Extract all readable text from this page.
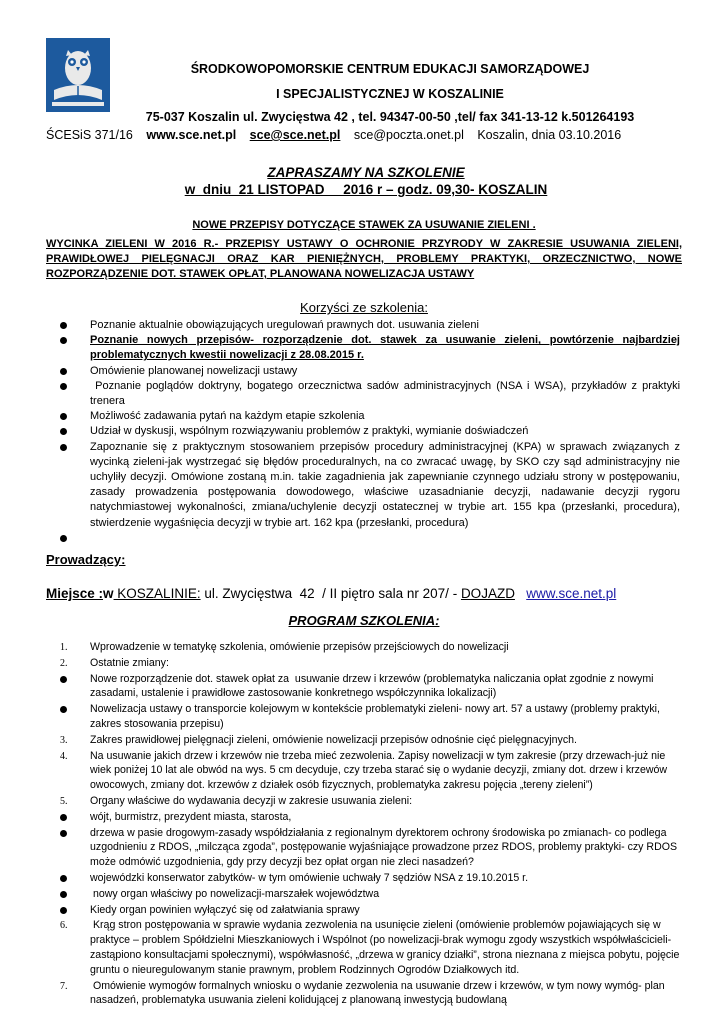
ŚRODKOWOPOMORSKIE CENTRUM EDUKACJI SAMORZĄDOWEJ
I SPECJALISTYCZNEJ W KOSZALINIE
75-037 Koszalin ul. Zwycięstwa 42 , tel. 94347-00-50 ,tel/ fax 341-13-12 k.501264193
ŚCESiS 371/16 www.sce.net.pl sce@sce.net.pl sce@poczta.onet.pl Koszalin, dnia 03.10.2016
ZAPRASZAMY NA SZKOLENIE
w  dniu  21 LISTOPAD     2016 r – godz. 09,30- KOSZALIN

NOWE PRZEPISY DOTYCZĄCE STAWEK ZA USUWANIE ZIELENI .

WYCINKA ZIELENI W 2016 R.- PRZEPISY USTAWY O OCHRONIE PRZYRODY W ZAKRESIE USUWANIA ZIELENI, PRAWIDŁOWEJ PIELĘGNACJI ORAZ KAR PIENIĘŻNYCH, PROBLEMY PRAKTYKI, ORZECZNICTWO, NOWE ROZPORZĄDZENIE DOT. STAWEK OPŁAT, PLANOWANA NOWELIZACJA USTAWY

Korzyści ze szkolenia:
Poznanie aktualnie obowiązujących uregulowań prawnych dot. usuwania zieleni
Poznanie nowych przepisów- rozporządzenie dot. stawek za usuwanie zieleni, powtórzenie najbardziej problematycznych kwestii nowelizacji z 28.08.2015 r.
Omówienie planowanej nowelizacji ustawy
Poznanie poglądów doktryny, bogatego orzecznictwa sadów administracyjnych (NSA i WSA), przykładów z praktyki trenera
Możliwość zadawania pytań na każdym etapie szkolenia
Udział w dyskusji, wspólnym rozwiązywaniu problemów z praktyki, wymianie doświadczeń
Zapoznanie się z praktycznym stosowaniem przepisów procedury administracyjnej (KPA) w sprawach związanych z wycinką zieleni-jak wystrzegać się błędów proceduralnych, na co zwracać uwagę, by SKO czy sąd administracyjny nie uchyliły decyzji. Omówione zostaną m.in. takie zagadnienia jak zapewnianie czynnego udziału strony w postępowaniu, zasady prowadzenia postępowania dowodowego, właściwe uzasadnianie decyzji, nadawanie decyzji rygoru natychmiastowej wykonalności, zmiana/uchylenie decyzji ostatecznej w trybie art. 155 kpa (przesłanki, procedura), stwierdzenie wygaśnięcia decyzji w trybie art. 162 kpa (przesłanki, procedura)
Prowadzący:
Miejsce :w KOSZALINIE: ul. Zwycięstwa  42  / II piętro sala nr 207/ - DOJAZD www.sce.net.pl
PROGRAM SZKOLENIA:
1.	Wprowadzenie w tematykę szkolenia, omówienie przepisów przejściowych do nowelizacji
2.	Ostatnie zmiany:
Nowe rozporządzenie dot. stawek opłat za  usuwanie drzew i krzewów (problematyka naliczania opłat zgodnie z nowymi zasadami, ustalenie i prawidłowe zastosowanie konkretnego współczynnika lokalizacji)
Nowelizacja ustawy o transporcie kolejowym w kontekście problematyki zieleni- nowy art. 57 a ustawy (problemy praktyki, zakres stosowania przepisu)
3.	Zakres prawidłowej pielęgnacji zieleni, omówienie nowelizacji przepisów odnośnie cięć pielęgnacyjnych.
4.	Na usuwanie jakich drzew i krzewów nie trzeba mieć zezwolenia. Zapisy nowelizacji w tym zakresie (przy drzewach-już nie wiek poniżej 10 lat ale obwód na wys. 5 cm decyduje, czy trzeba starać się o wydanie decyzji, zmiany dot. drzew i krzewów owocowych, zmiany dot. krzewów z działek osób fizycznych, problematyka zakresu pojęcia „tereny zieleni”)
5.	Organy właściwe do wydawania decyzji w zakresie usuwania zieleni:
wójt, burmistrz, prezydent miasta, starosta,
drzewa w pasie drogowym-zasady współdziałania z regionalnym dyrektorem ochrony środowiska po zmianach- co podlega uzgodnieniu z RDOS, „milcząca zgoda”, postępowanie wyjaśniające prowadzone przez RDOS, problemy praktyki- czy RDOS może odmówić uzgodnienia, gdy przy decyzji bez opłat organ nie zleci nasadzeń?
wojewódzki konserwator zabytków- w tym omówienie uchwały 7 sędziów NSA z 19.10.2015 r.
nowy organ właściwy po nowelizacji-marszałek województwa
Kiedy organ powinien wyłączyć się od załatwiania sprawy
6.	Krąg stron postępowania w sprawie wydania zezwolenia na usunięcie zieleni (omówienie problemów pojawiających się w praktyce – problem Spółdzielni Mieszkaniowych i Wspólnot (po nowelizacji-brak wymogu zgody wszystkich współwłaścicieli-zastąpiono konsultacjami społecznymi), współwłasność, „drzewa w granicy działki”, strona nieznana z miejsca pobytu, pojęcie gruntu o nieuregulowanym stanie prawnym, problem Rodzinnych Ogrodów Działkowych itd.
7.	Omówienie wymogów formalnych wniosku o wydanie zezwolenia na usuwanie drzew i krzewów, w tym nowy wymóg- plan nasadzeń, problematyka usuwania zieleni kolidującej z planowaną inwestycją budowlaną
